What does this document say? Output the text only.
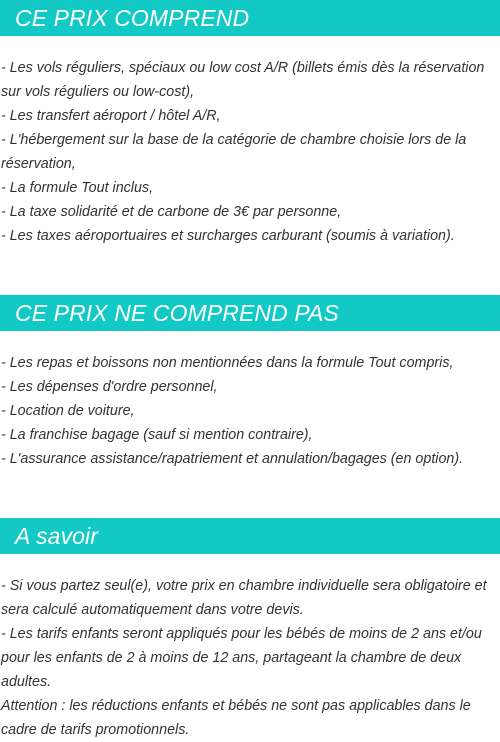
CE PRIX COMPREND
- Les vols réguliers, spéciaux ou low cost A/R (billets émis dès la réservation sur vols réguliers ou low-cost),
- Les transfert aéroport / hôtel A/R,
- L'hébergement sur la base de la catégorie de chambre choisie lors de la réservation,
- La formule Tout inclus,
- La taxe solidarité et de carbone de 3€ par personne,
- Les taxes aéroportuaires et surcharges carburant (soumis à variation).
CE PRIX NE COMPREND PAS
- Les repas et boissons non mentionnées dans la formule Tout compris,
- Les dépenses d'ordre personnel,
- Location de voiture,
- La franchise bagage (sauf si mention contraire),
- L'assurance assistance/rapatriement et annulation/bagages (en option).
A savoir
- Si vous partez seul(e), votre prix en chambre individuelle sera obligatoire et sera calculé automatiquement dans votre devis.
- Les tarifs enfants seront appliqués pour les bébés de moins de 2 ans et/ou pour les enfants de 2 à moins de 12 ans, partageant la chambre de deux adultes.
Attention : les réductions enfants et bébés ne sont pas applicables dans le cadre de tarifs promotionnels.
